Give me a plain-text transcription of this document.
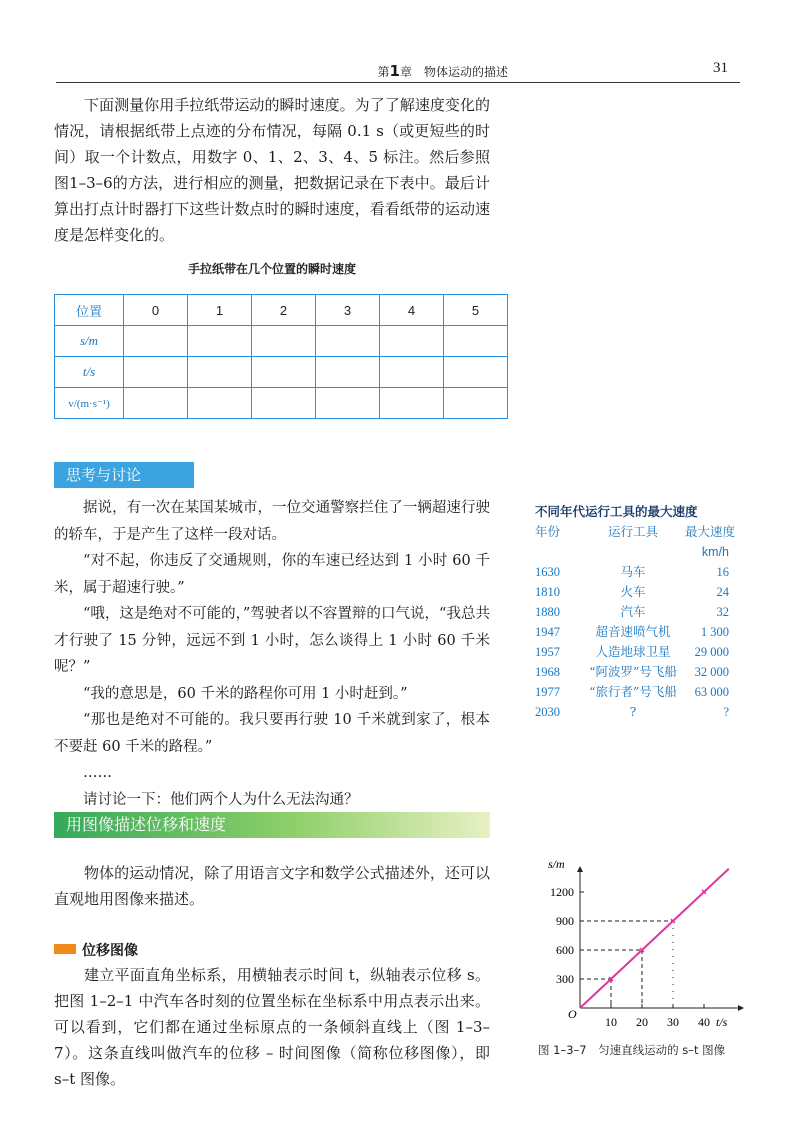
第1章　物体运动的描述	31

下面测量你用手拉纸带运动的瞬时速度。为了了解速度变化的情况，请根据纸带上点迹的分布情况，每隔 0.1 s（或更短些的时间）取一个计数点，用数字 0、1、2、3、4、5 标注。然后参照图1–3–6的方法，进行相应的测量，把数据记录在下表中。最后计算出打点计时器打下这些计数点时的瞬时速度，看看纸带的运动速度是怎样变化的。

手拉纸带在几个位置的瞬时速度
位置	0	1	2	3	4	5
s/m						
t/s						
v/(m·s⁻¹)						
思考与讨论

据说，有一次在某国某城市，一位交通警察拦住了一辆超速行驶的轿车，于是产生了这样一段对话。

“对不起，你违反了交通规则，你的车速已经达到 1 小时 60 千米，属于超速行驶。”

“哦，这是绝对不可能的，”驾驶者以不容置辩的口气说，“我总共才行驶了 15 分钟，远远不到 1 小时，怎么谈得上 1 小时 60 千米呢？”

“我的意思是，60 千米的路程你可用 1 小时赶到。”

“那也是绝对不可能的。我只要再行驶 10 千米就到家了，根本不要赶 60 千米的路程。”

……

请讨论一下：他们两个人为什么无法沟通？

不同年代运行工具的最大速度
年份	运行工具	最大速度
km/h
1630	马车	16
1810	火车	24
1880	汽车	32
1947	超音速喷气机	1 300
1957	人造地球卫星	29 000
1968	“阿波罗”号飞船	32 000
1977	“旅行者”号飞船	63 000
2030	?	?
用图像描述位移和速度

物体的运动情况，除了用语言文字和数学公式描述外，还可以直观地用图像来描述。

位移图像

建立平面直角坐标系，用横轴表示时间 t，纵轴表示位移 s。把图 1–2–1 中汽车各时刻的位置坐标在坐标系中用点表示出来。可以看到，它们都在通过坐标原点的一条倾斜直线上（图 1–3–7）。这条直线叫做汽车的位移 – 时间图像（简称位移图像），即 s–t 图像。

s/m
t/s
O
10 20 30 40
300
600
900
1200
图 1–3–7　匀速直线运动的 s–t 图像
